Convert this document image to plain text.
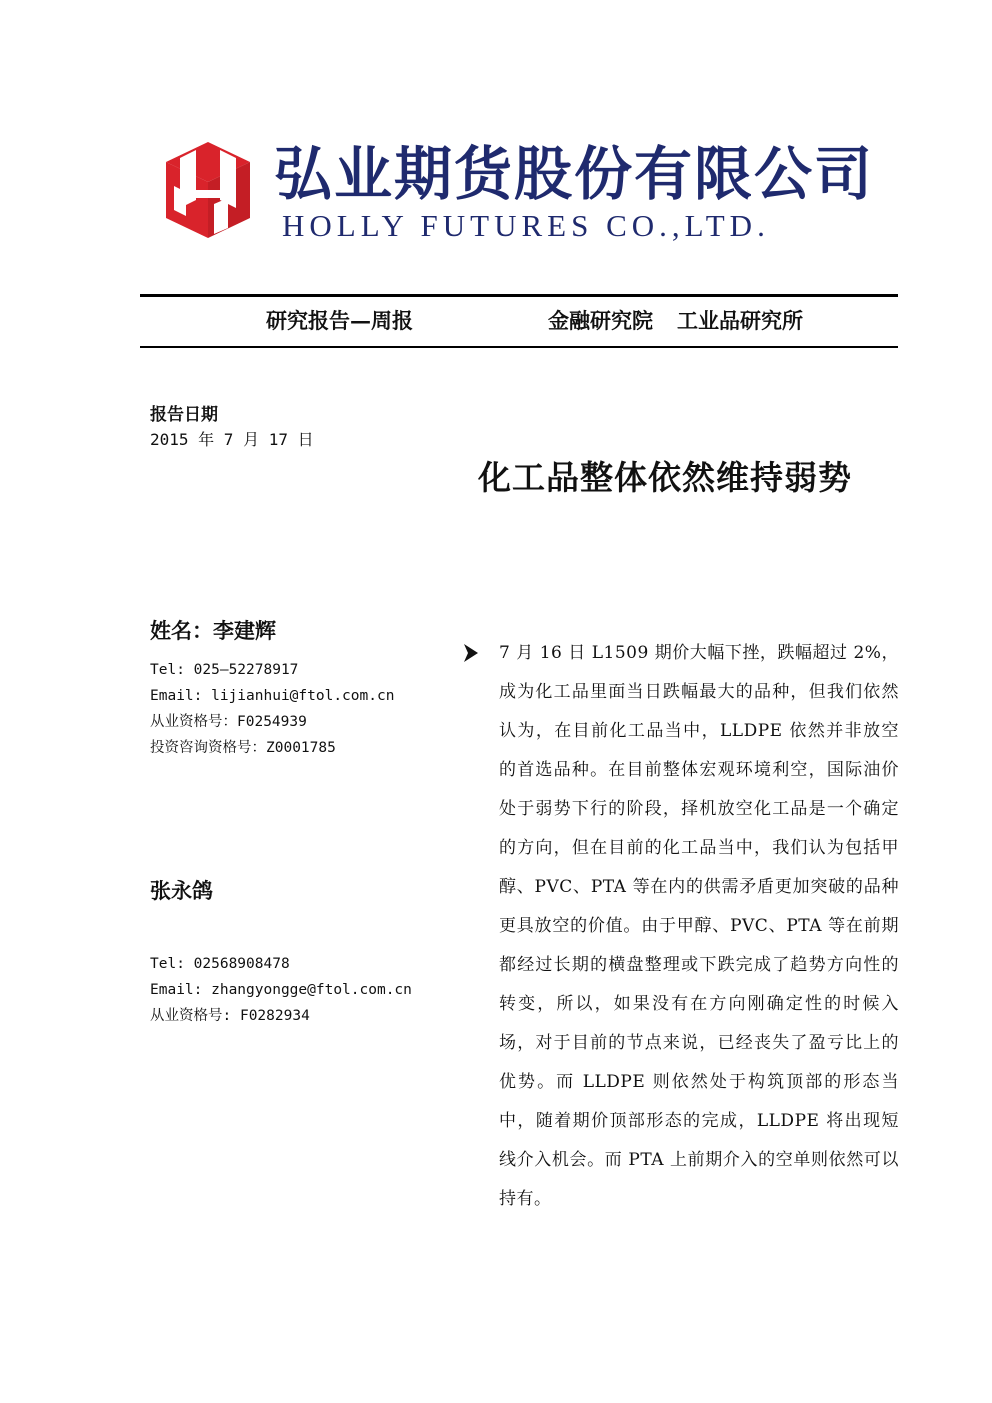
弘业期货股份有限公司
HOLLY FUTURES CO.,LTD.
研究报告—周报	金融研究院 工业品研究所
报告日期
2015 年 7 月 17 日
化工品整体依然维持弱势
姓名：李建辉
Tel: 025—52278917
Email: lijianhui@ftol.com.cn
从业资格号：F0254939
投资咨询资格号：Z0001785
张永鸽
Tel: 02568908478
Email: zhangyongge@ftol.com.cn
从业资格号: F0282934
7 月 16 日 L1509 期价大幅下挫，跌幅超过 2%，成为化工品里面当日跌幅最大的品种，但我们依然认为，在目前化工品当中，LLDPE 依然并非放空的首选品种。在目前整体宏观环境利空，国际油价处于弱势下行的阶段，择机放空化工品是一个确定的方向，但在目前的化工品当中，我们认为包括甲醇、PVC、PTA 等在内的供需矛盾更加突破的品种更具放空的价值。由于甲醇、PVC、PTA 等在前期都经过长期的横盘整理或下跌完成了趋势方向性的转变，所以，如果没有在方向刚确定性的时候入场，对于目前的节点来说，已经丧失了盈亏比上的优势。而 LLDPE 则依然处于构筑顶部的形态当中，随着期价顶部形态的完成，LLDPE 将出现短线介入机会。而 PTA 上前期介入的空单则依然可以持有。
